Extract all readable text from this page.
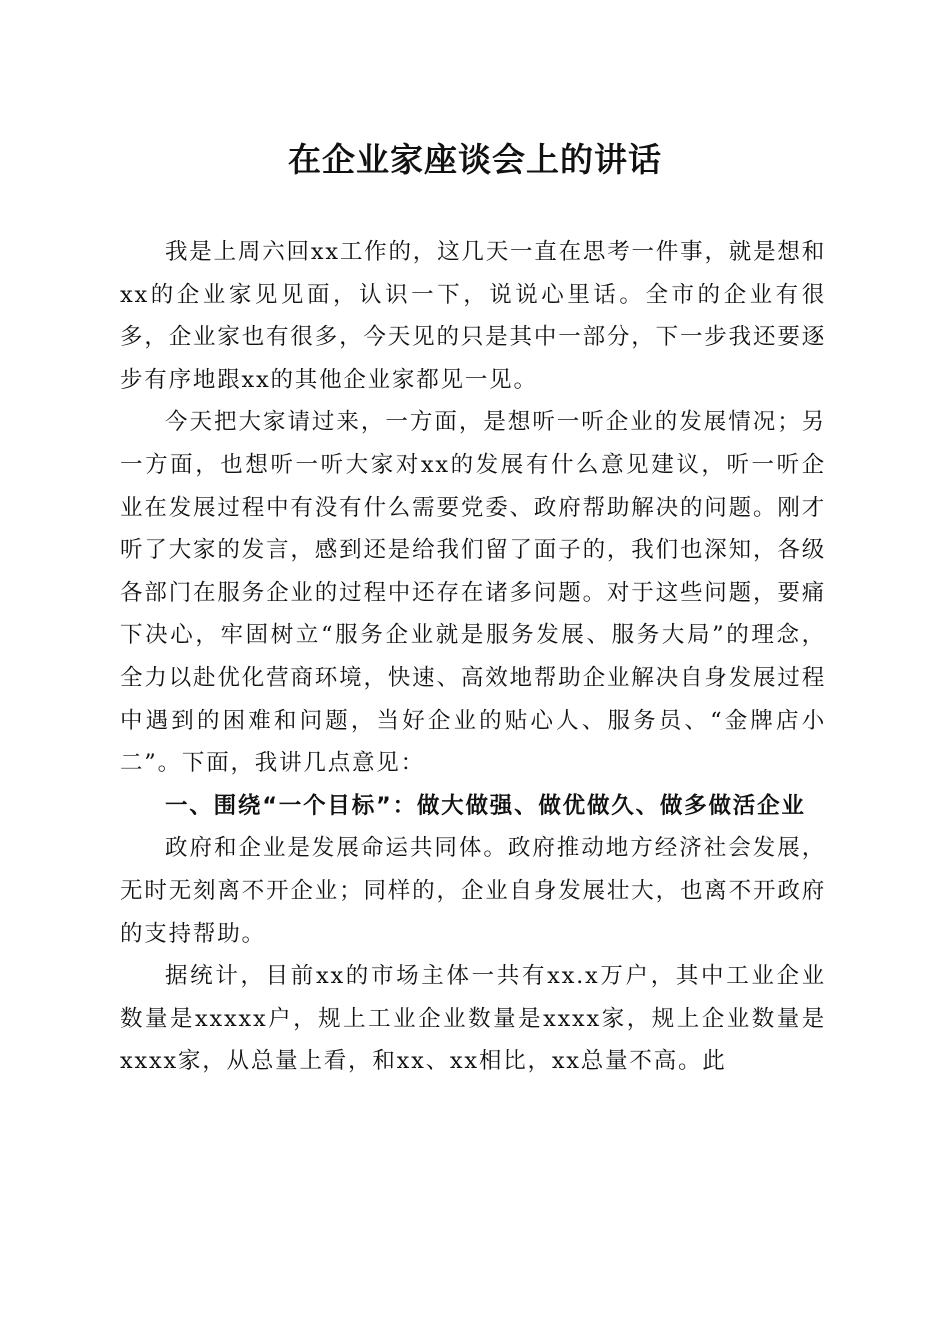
在企业家座谈会上的讲话

我是上周六回xx工作的，这几天一直在思考一件事，就是想和xx的企业家见见面，认识一下，说说心里话。全市的企业有很多，企业家也有很多，今天见的只是其中一部分，下一步我还要逐步有序地跟xx的其他企业家都见一见。

今天把大家请过来，一方面，是想听一听企业的发展情况；另一方面，也想听一听大家对xx的发展有什么意见建议，听一听企业在发展过程中有没有什么需要党委、政府帮助解决的问题。刚才听了大家的发言，感到还是给我们留了面子的，我们也深知，各级各部门在服务企业的过程中还存在诸多问题。对于这些问题，要痛下决心，牢固树立“服务企业就是服务发展、服务大局”的理念，全力以赴优化营商环境，快速、高效地帮助企业解决自身发展过程中遇到的困难和问题，当好企业的贴心人、服务员、“金牌店小二”。下面，我讲几点意见：

一、围绕“一个目标”：做大做强、做优做久、做多做活企业

政府和企业是发展命运共同体。政府推动地方经济社会发展，无时无刻离不开企业；同样的，企业自身发展壮大，也离不开政府的支持帮助。

据统计，目前xx的市场主体一共有xx.x万户，其中工业企业数量是xxxxx户，规上工业企业数量是xxxx家，规上企业数量是xxxx家，从总量上看，和xx、xx相比，xx总量不高。此
